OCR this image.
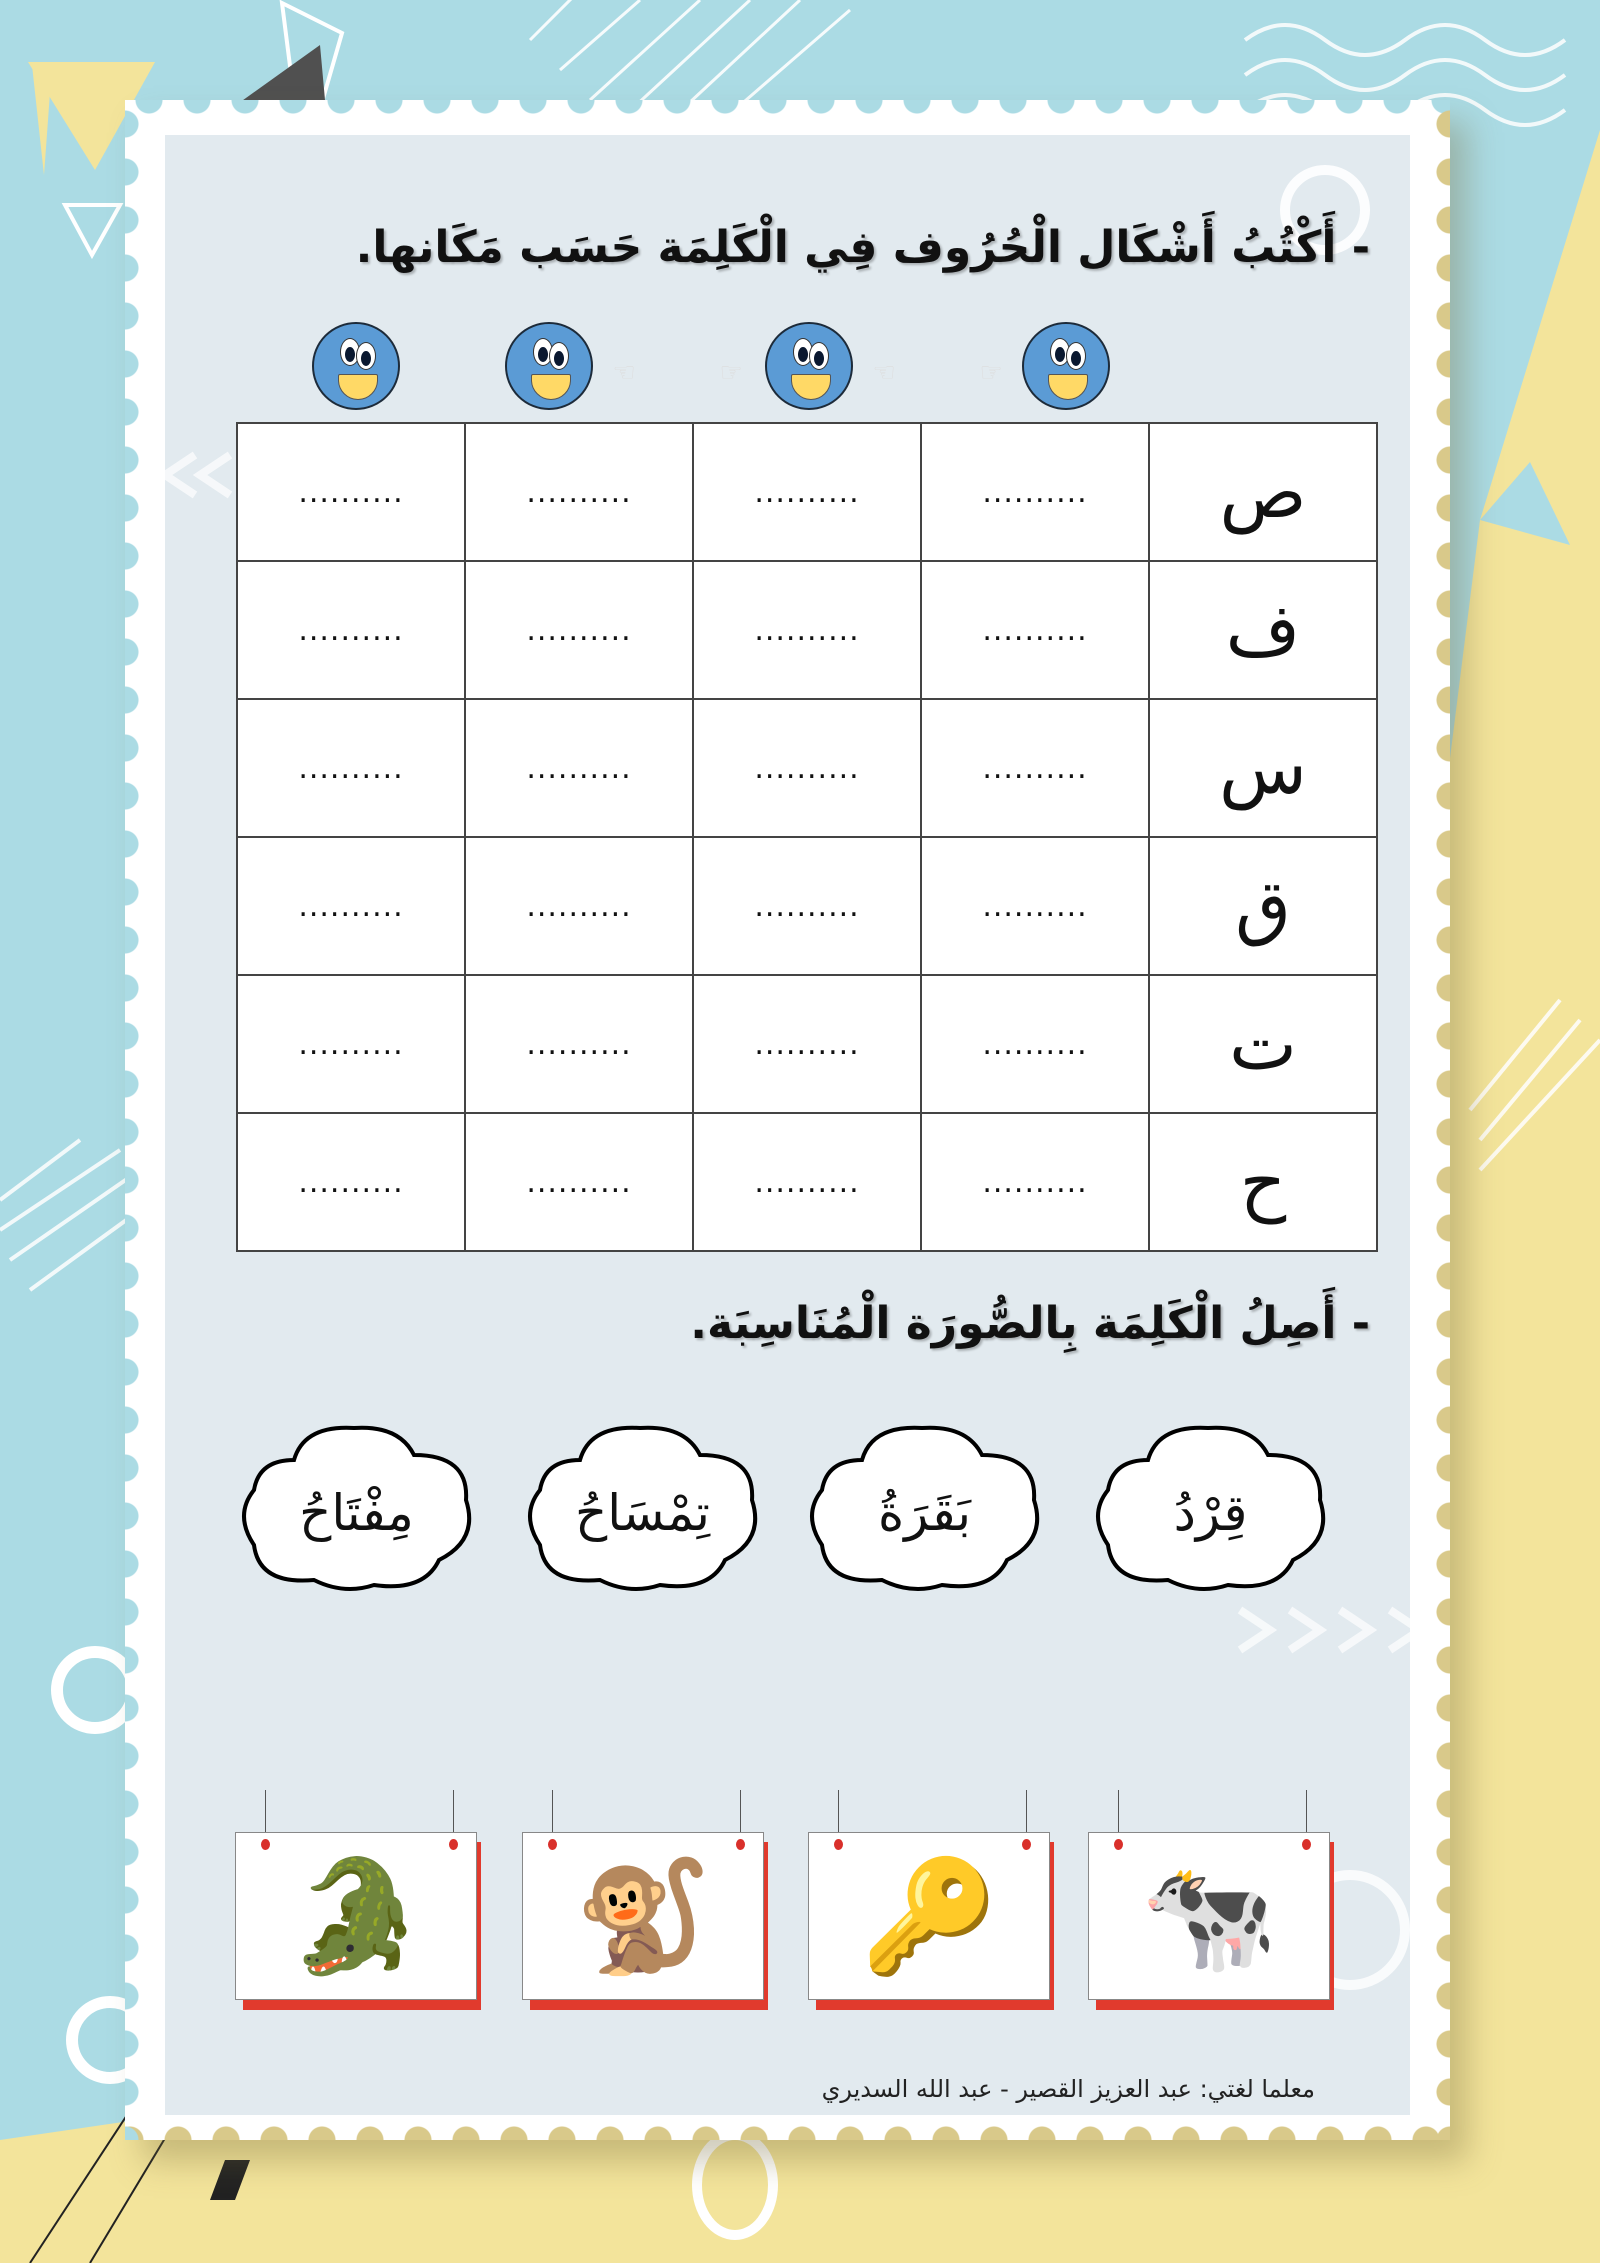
- أَكْتُبُ أَشْكَال الْحُرُوف فِي الْكَلِمَة حَسَب مَكَانها.
☜	☞	☜	☞
..........	..........	..........	..........	ص
..........	..........	..........	..........	ف
..........	..........	..........	..........	س
..........	..........	..........	..........	ق
..........	..........	..........	..........	ت
..........	..........	..........	..........	ح
- أَصِلُ الْكَلِمَة بِالصُّورَة الْمُنَاسِبَة.
قِرْدُ
بَقَرَةُ
تِمْسَاحُ
مِفْتَاحُ
🐄
🔑
🐒
🐊
معلما لغتي: عبد العزيز القصير - عبد الله السديري
